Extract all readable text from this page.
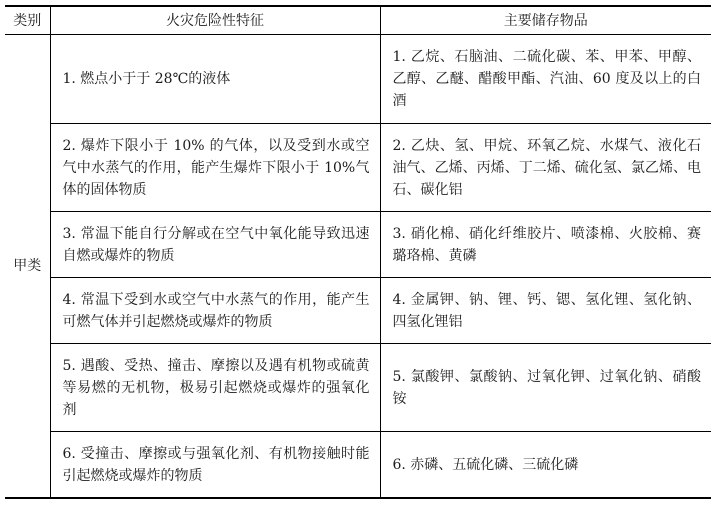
类别	火灾危险性特征	主要储存物品
甲类	1. 燃点小于于 28℃的液体	1. 乙烷、石脑油、二硫化碳、苯、甲苯、甲醇、乙醇、乙醚、醋酸甲酯、汽油、60 度及以上的白酒
	2. 爆炸下限小于 10% 的气体，以及受到水或空气中水蒸气的作用，能产生爆炸下限小于 10%气体的固体物质	2. 乙炔、氢、甲烷、环氧乙烷、水煤气、液化石油气、乙烯、丙烯、丁二烯、硫化氢、氯乙烯、电石、碳化铝
	3. 常温下能自行分解或在空气中氧化能导致迅速自燃或爆炸的物质	3. 硝化棉、硝化纤维胶片、喷漆棉、火胶棉、赛璐珞棉、黄磷
	4. 常温下受到水或空气中水蒸气的作用，能产生可燃气体并引起燃烧或爆炸的物质	4. 金属钾、钠、锂、钙、锶、氢化锂、氢化钠、四氢化锂铝
	5. 遇酸、受热、撞击、摩擦以及遇有机物或硫黄等易燃的无机物，极易引起燃烧或爆炸的强氧化剂	5. 氯酸钾、氯酸钠、过氧化钾、过氧化钠、硝酸铵
	6. 受撞击、摩擦或与强氧化剂、有机物接触时能引起燃烧或爆炸的物质	6. 赤磷、五硫化磷、三硫化磷
